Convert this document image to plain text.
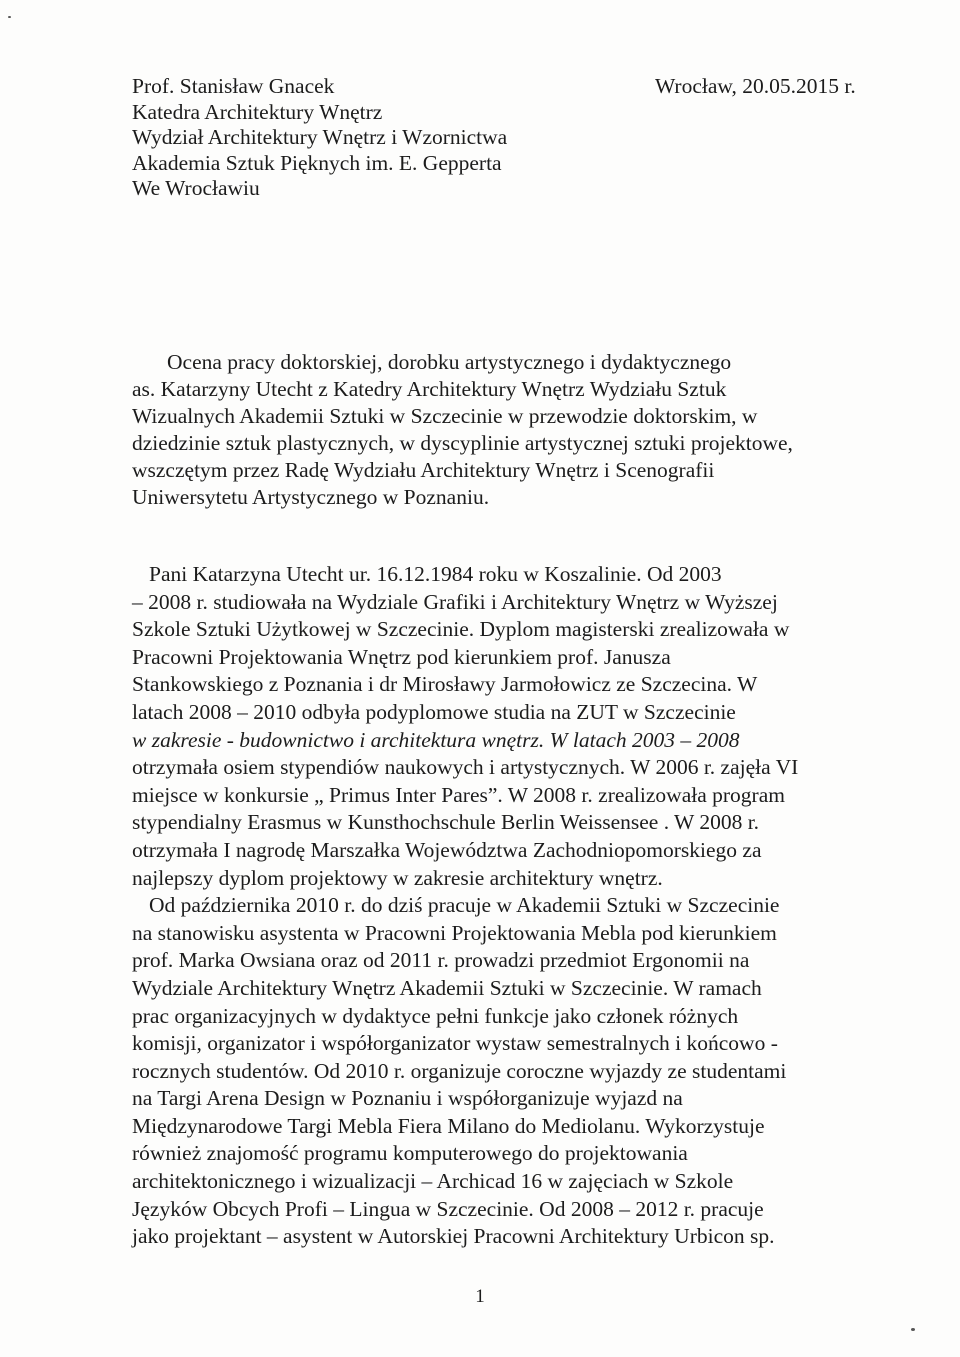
Prof. Stanisław Gnacek
Katedra Architektury Wnętrz
Wydział Architektury Wnętrz i Wzornictwa
Akademia Sztuk Pięknych im. E. Gepperta
We Wrocławiu
Wrocław, 20.05.2015 r.
Ocena pracy doktorskiej, dorobku artystycznego i dydaktycznego
as. Katarzyny Utecht z Katedry Architektury Wnętrz Wydziału Sztuk
Wizualnych Akademii Sztuki w Szczecinie w przewodzie doktorskim, w
dziedzinie sztuk plastycznych, w dyscyplinie artystycznej sztuki projektowe,
wszczętym przez Radę Wydziału Architektury Wnętrz i Scenografii
Uniwersytetu Artystycznego w Poznaniu.
Pani Katarzyna Utecht ur. 16.12.1984 roku w Koszalinie. Od 2003
– 2008 r. studiowała na Wydziale Grafiki i Architektury Wnętrz w Wyższej
Szkole Sztuki Użytkowej w Szczecinie. Dyplom magisterski zrealizowała w
Pracowni Projektowania Wnętrz pod kierunkiem prof. Janusza
Stankowskiego z Poznania i dr Mirosławy Jarmołowicz ze Szczecina. W
latach 2008 – 2010 odbyła podyplomowe studia na ZUT w Szczecinie
w zakresie - budownictwo i architektura wnętrz. W latach 2003 – 2008
otrzymała osiem stypendiów naukowych i artystycznych. W 2006 r. zajęła VI
miejsce w konkursie „ Primus Inter Pares”. W 2008 r. zrealizowała program
stypendialny Erasmus w Kunsthochschule Berlin Weissensee . W 2008 r.
otrzymała I nagrodę Marszałka Województwa Zachodniopomorskiego za
najlepszy dyplom projektowy w zakresie architektury wnętrz.
Od października 2010 r. do dziś pracuje w Akademii Sztuki w Szczecinie
na stanowisku asystenta w Pracowni Projektowania Mebla pod kierunkiem
prof. Marka Owsiana oraz od 2011 r. prowadzi przedmiot Ergonomii na
Wydziale Architektury Wnętrz Akademii Sztuki w Szczecinie. W ramach
prac organizacyjnych w dydaktyce pełni funkcje jako członek różnych
komisji, organizator i współorganizator wystaw semestralnych i końcowo -
rocznych studentów. Od 2010 r. organizuje coroczne wyjazdy ze studentami
na Targi Arena Design w Poznaniu i współorganizuje wyjazd na
Międzynarodowe Targi Mebla Fiera Milano do Mediolanu. Wykorzystuje
również znajomość programu komputerowego do projektowania
architektonicznego i wizualizacji – Archicad 16 w zajęciach w Szkole
Języków Obcych Profi – Lingua w Szczecinie. Od 2008 – 2012 r. pracuje
jako projektant – asystent w Autorskiej Pracowni Architektury Urbicon sp.
1
